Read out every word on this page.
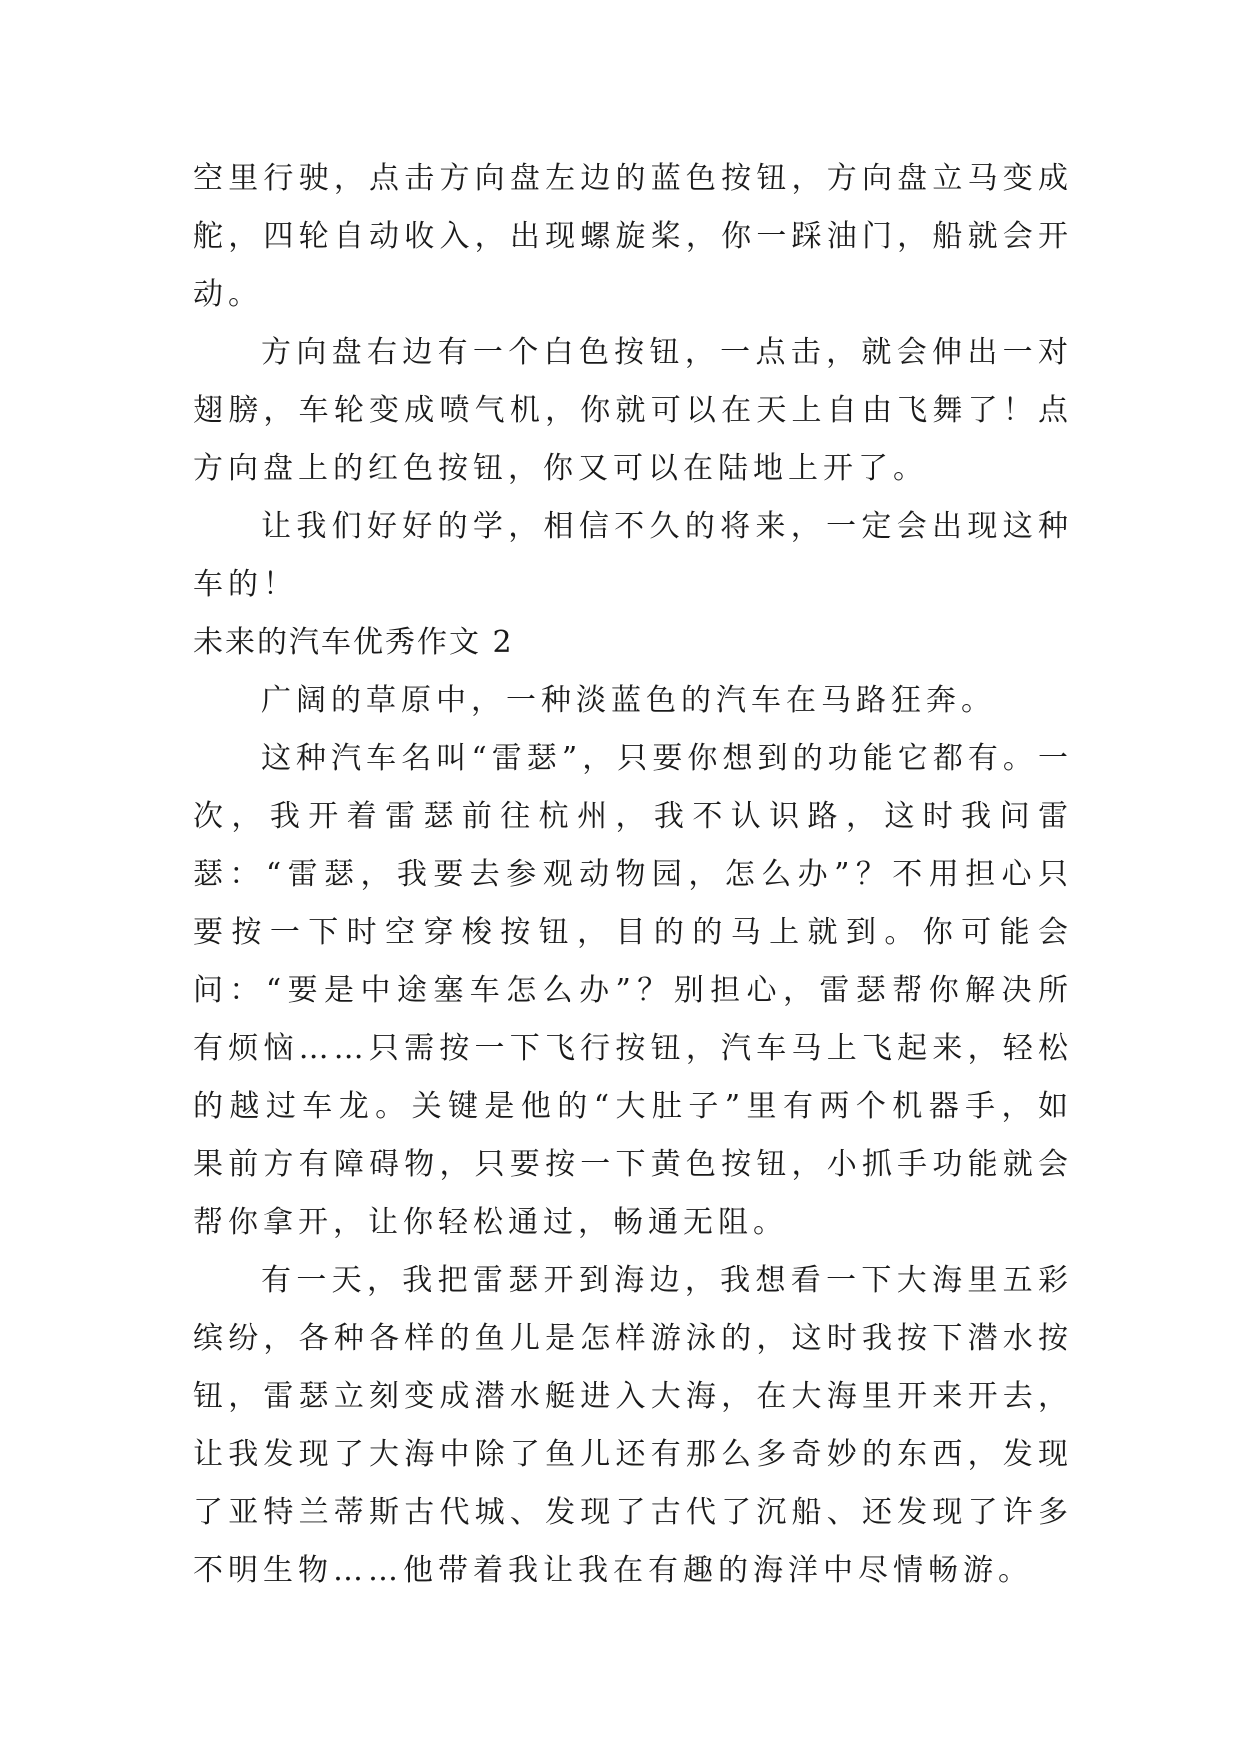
空里行驶，点击方向盘左边的蓝色按钮，方向盘立马变成舵，四轮自动收入，出现螺旋桨，你一踩油门，船就会开动。

方向盘右边有一个白色按钮，一点击，就会伸出一对翅膀，车轮变成喷气机，你就可以在天上自由飞舞了！点方向盘上的红色按钮，你又可以在陆地上开了。

让我们好好的学，相信不久的将来，一定会出现这种车的！

未来的汽车优秀作文 2

广阔的草原中，一种淡蓝色的汽车在马路狂奔。

这种汽车名叫“雷瑟”，只要你想到的功能它都有。一次，我开着雷瑟前往杭州，我不认识路，这时我问雷瑟：“雷瑟，我要去参观动物园，怎么办”？不用担心只要按一下时空穿梭按钮，目的的马上就到。你可能会问：“要是中途塞车怎么办”？别担心，雷瑟帮你解决所有烦恼……只需按一下飞行按钮，汽车马上飞起来，轻松的越过车龙。关键是他的“大肚子”里有两个机器手，如果前方有障碍物，只要按一下黄色按钮，小抓手功能就会帮你拿开，让你轻松通过，畅通无阻。

有一天，我把雷瑟开到海边，我想看一下大海里五彩缤纷，各种各样的鱼儿是怎样游泳的，这时我按下潜水按钮，雷瑟立刻变成潜水艇进入大海，在大海里开来开去，让我发现了大海中除了鱼儿还有那么多奇妙的东西，发现了亚特兰蒂斯古代城、发现了古代了沉船、还发现了许多不明生物……他带着我让我在有趣的海洋中尽情畅游。
